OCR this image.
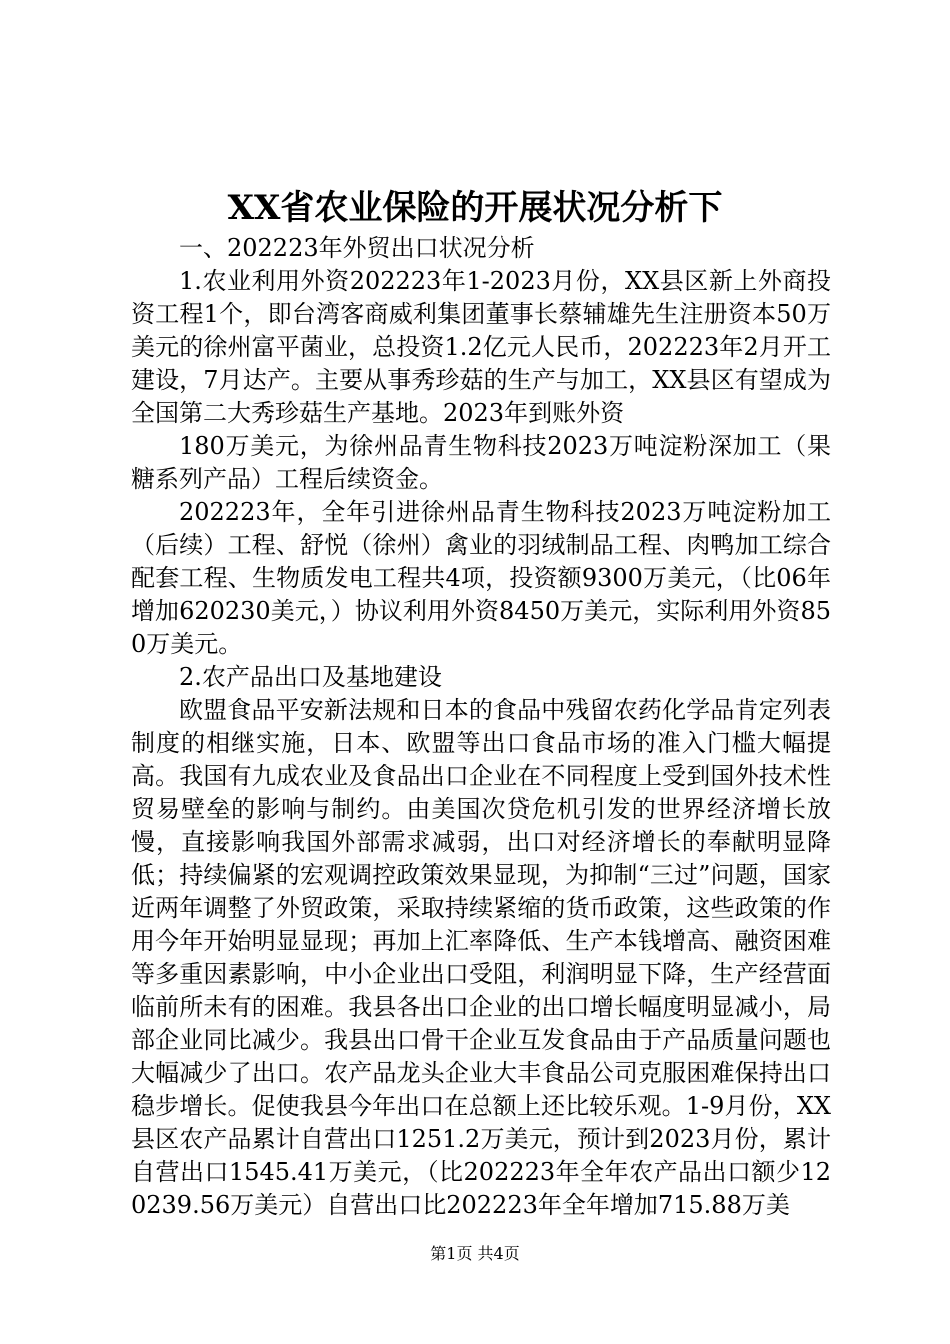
XX省农业保险的开展状况分析下

一、202223年外贸出口状况分析

1.农业利用外资202223年1-2023月份，XX县区新上外商投资工程1个，即台湾客商威利集团董事长蔡辅雄先生注册资本50万美元的徐州富平菌业，总投资1.2亿元人民币，202223年2月开工建设，7月达产。主要从事秀珍菇的生产与加工，XX县区有望成为全国第二大秀珍菇生产基地。2023年到账外资

180万美元，为徐州品青生物科技2023万吨淀粉深加工（果糖系列产品）工程后续资金。

202223年，全年引进徐州品青生物科技2023万吨淀粉加工（后续）工程、舒悦（徐州）禽业的羽绒制品工程、肉鸭加工综合配套工程、生物质发电工程共4项，投资额9300万美元，（比06年增加620230美元，）协议利用外资8450万美元，实际利用外资850万美元。

2.农产品出口及基地建设

欧盟食品平安新法规和日本的食品中残留农药化学品肯定列表制度的相继实施，日本、欧盟等出口食品市场的准入门槛大幅提高。我国有九成农业及食品出口企业在不同程度上受到国外技术性贸易壁垒的影响与制约。由美国次贷危机引发的世界经济增长放慢，直接影响我国外部需求减弱，出口对经济增长的奉献明显降低；持续偏紧的宏观调控政策效果显现，为抑制“三过”问题，国家近两年调整了外贸政策，采取持续紧缩的货币政策，这些政策的作用今年开始明显显现；再加上汇率降低、生产本钱增高、融资困难等多重因素影响，中小企业出口受阻，利润明显下降，生产经营面临前所未有的困难。我县各出口企业的出口增长幅度明显减小，局部企业同比减少。我县出口骨干企业互发食品由于产品质量问题也大幅减少了出口。农产品龙头企业大丰食品公司克服困难保持出口稳步增长。促使我县今年出口在总额上还比较乐观。1-9月份，XX县区农产品累计自营出口1251.2万美元，预计到2023月份，累计自营出口1545.41万美元，（比202223年全年农产品出口额少120239.56万美元）自营出口比202223年全年增加715.88万美

第1页 共4页
